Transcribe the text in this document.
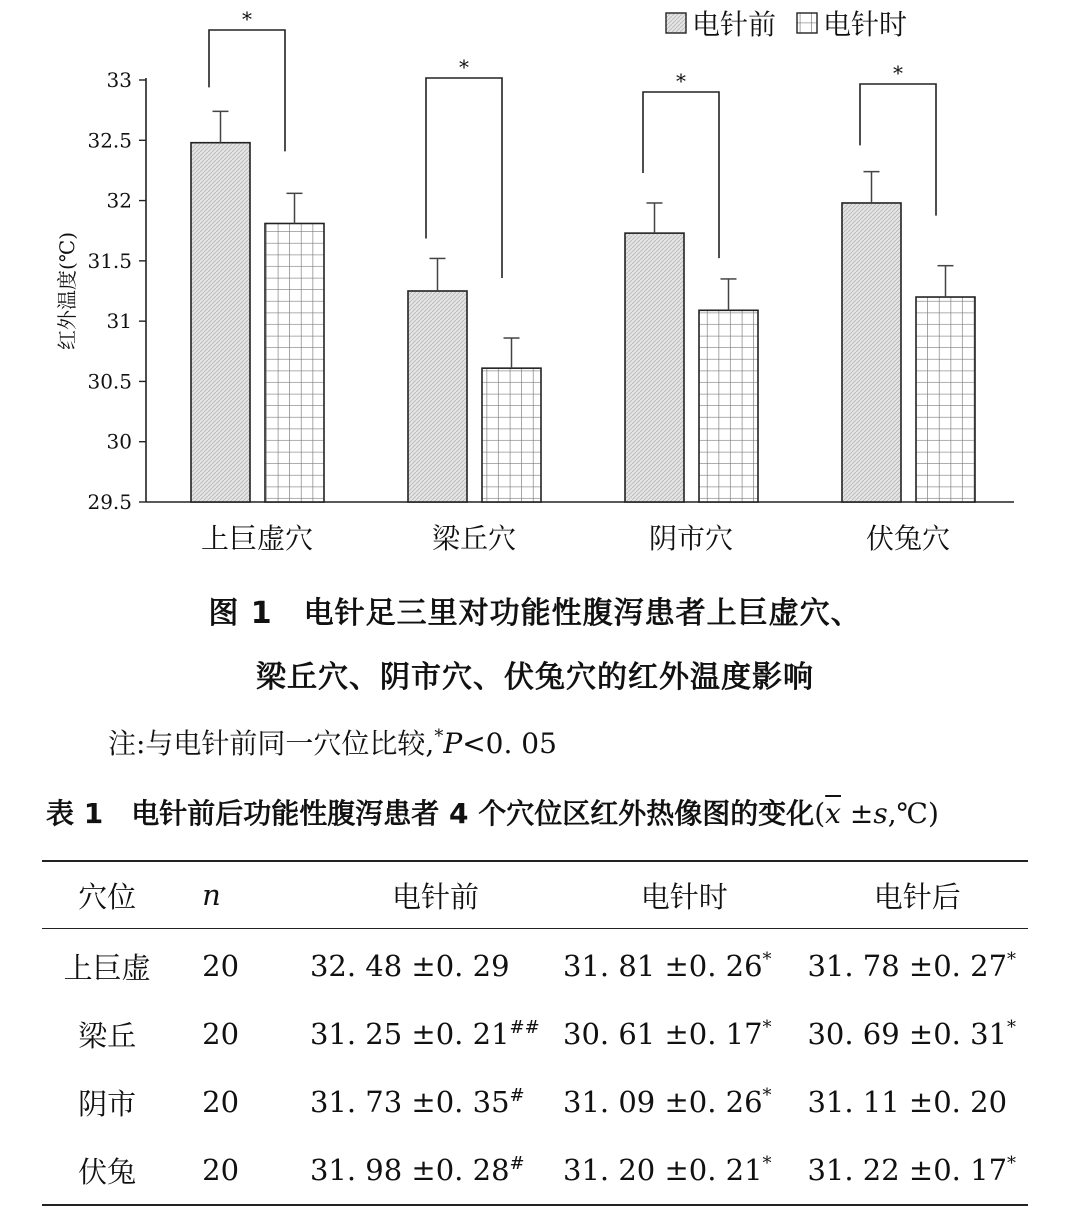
29.5
30
30.5
31
31.5
32
32.5
33
红外温度(℃)
上巨虚穴	梁丘穴	阴市穴	伏兔穴
*
*
*	*
电针前 电针时
图 1　电针足三里对功能性腹泻患者上巨虚穴、
梁丘穴、阴市穴、伏兔穴的红外温度影响
注:与电针前同一穴位比较,*P<0. 05
表 1　 电针前后功能性腹泻患者 4 个穴位区红外热像图的变化($\overline{x}$ ±s,℃)
穴位	n	电针前	电针时	电针后
上巨虚	20	32. 48 ±0. 29	31. 81 ±0. 26*	31. 78 ±0. 27*
梁丘	20	31. 25 ±0. 21##	30. 61 ±0. 17*	30. 69 ±0. 31*
阴市	20	31. 73 ±0. 35#	31. 09 ±0. 26*	31. 11 ±0. 20
伏兔	20	31. 98 ±0. 28#	31. 20 ±0. 21*	31. 22 ±0. 17*
